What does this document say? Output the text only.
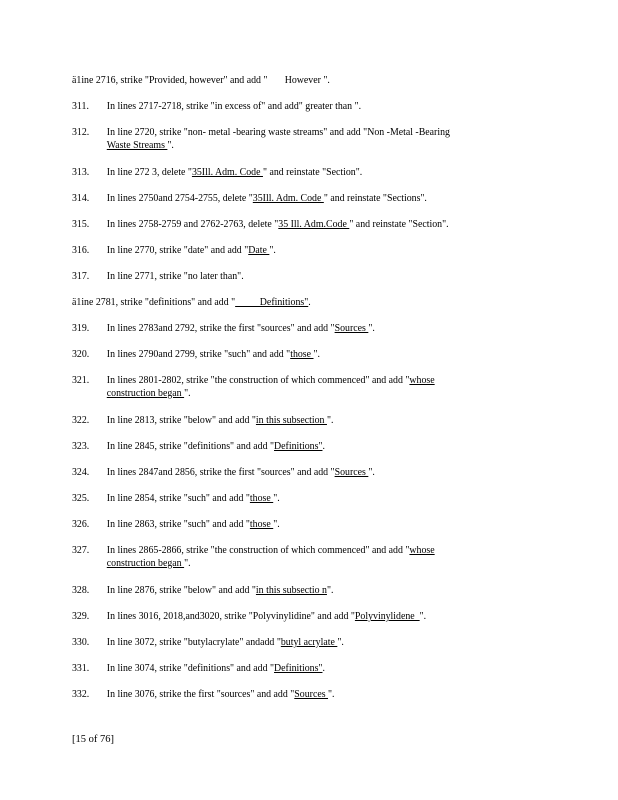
ä1ine 2716, strike "Provided, however" and add "       However ".
311. In lines 2717-2718, strike "in excess of" and add" greater than ".
312. In line 2720, strike "non- metal -bearing waste streams" and add "Non -Metal -Bearing
Waste Streams ".
313. In line 272 3, delete "35Ill. Adm. Code " and reinstate "Section".
314. In lines 2750and 2754-2755, delete "35Ill. Adm. Code " and reinstate "Sections".
315. In lines 2758-2759 and 2762-2763, delete "35 Ill. Adm.Code " and reinstate "Section".
316. In line 2770, strike "date" and add "Date ".
317. In line 2771, strike "no later than".
ä1ine 2781, strike "definitions" and add "          Definitions".
319. In lines 2783and 2792, strike the first "sources" and add "Sources ".
320. In lines 2790and 2799, strike "such" and add "those ".
321. In lines 2801-2802, strike "the construction of which commenced" and add "whose
construction began ".
322. In line 2813, strike "below" and add "in this subsection ".
323. In line 2845, strike "definitions" and add "Definitions".
324. In lines 2847and 2856, strike the first "sources" and add "Sources ".
325. In line 2854, strike "such" and add "those ".
326. In line 2863, strike "such" and add "those ".
327. In lines 2865-2866, strike "the construction of which commenced" and add "whose
construction began ".
328. In line 2876, strike "below" and add "in this subsectio n".
329. In lines 3016, 2018,and3020, strike "Polyvinylidine" and add "Polyvinylidene  ".
330. In line 3072, strike "butylacrylate" andadd "butyl acrylate ".
331. In line 3074, strike "definitions" and add "Definitions".
332. In line 3076, strike the first "sources" and add "Sources ".
[15 of 76]
